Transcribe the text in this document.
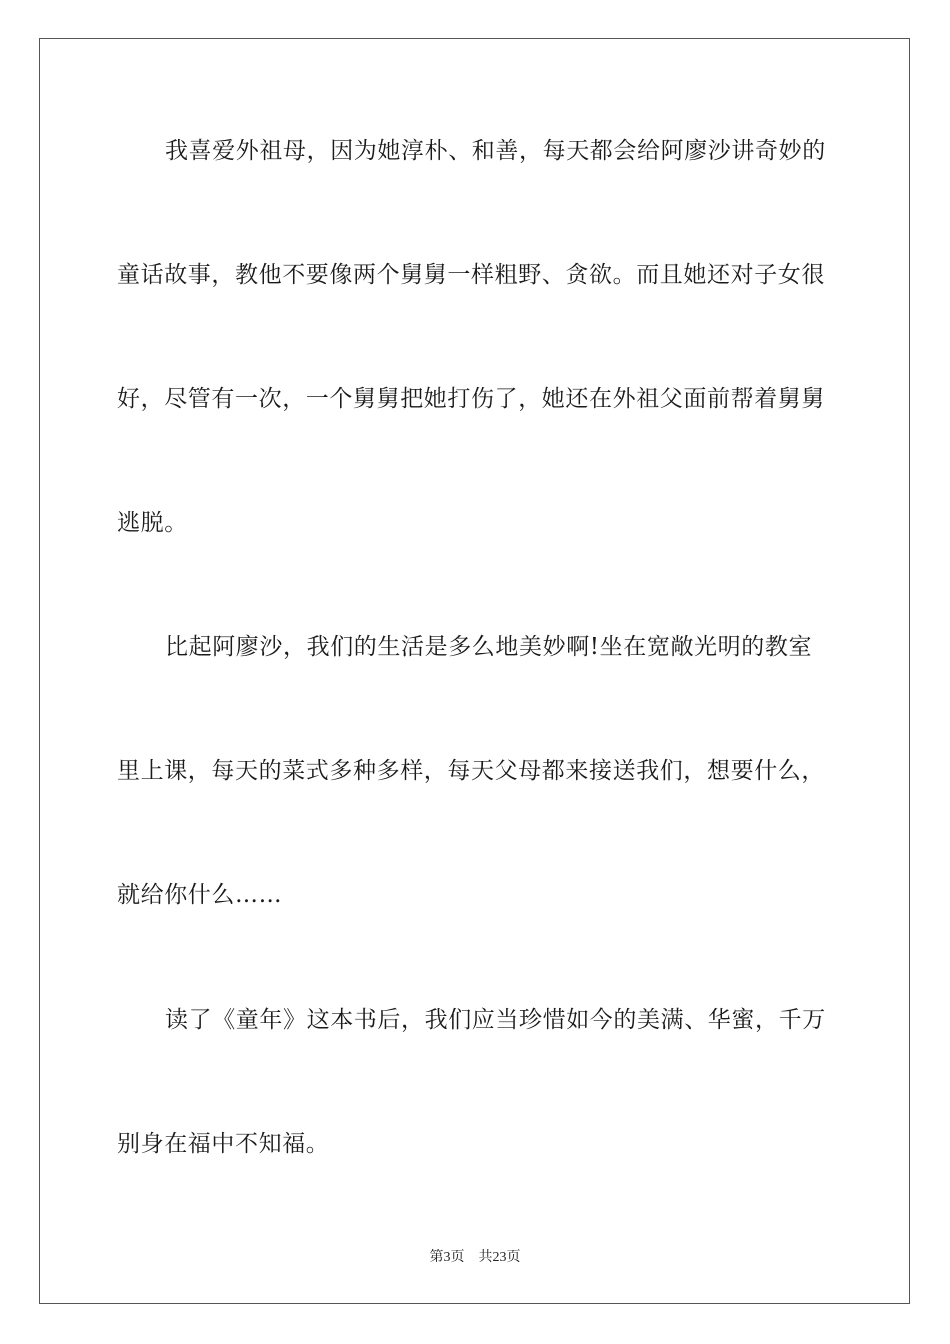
我喜爱外祖母，因为她淳朴、和善，每天都会给阿廖沙讲奇妙的

童话故事，教他不要像两个舅舅一样粗野、贪欲。而且她还对子女很

好，尽管有一次，一个舅舅把她打伤了，她还在外祖父面前帮着舅舅

逃脱。

比起阿廖沙，我们的生活是多么地美妙啊!坐在宽敞光明的教室

里上课，每天的菜式多种多样，每天父母都来接送我们，想要什么，

就给你什么……

读了《童年》这本书后，我们应当珍惜如今的美满、华蜜，千万

别身在福中不知福。

第3页 共23页
